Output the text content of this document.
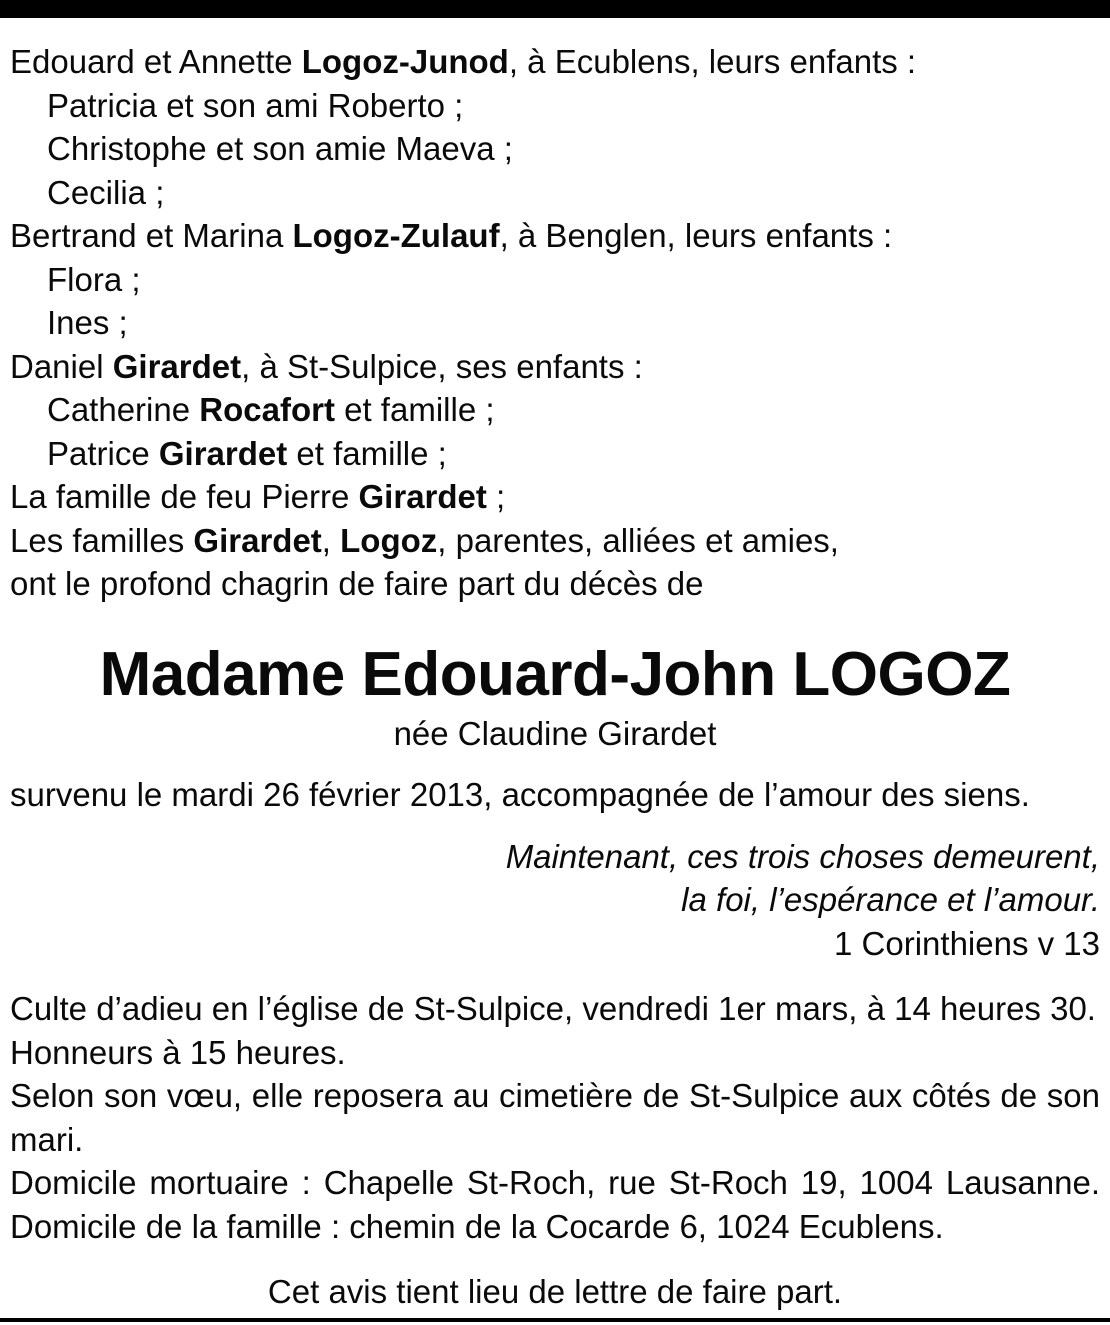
Edouard et Annette Logoz-Junod, à Ecublens, leurs enfants :
Patricia et son ami Roberto ;
Christophe et son amie Maeva ;
Cecilia ;
Bertrand et Marina Logoz-Zulauf, à Benglen, leurs enfants :
Flora ;
Ines ;
Daniel Girardet, à St-Sulpice, ses enfants :
Catherine Rocafort et famille ;
Patrice Girardet et famille ;
La famille de feu Pierre Girardet ;
Les familles Girardet, Logoz, parentes, alliées et amies,
ont le profond chagrin de faire part du décès de
Madame Edouard-John LOGOZ
née Claudine Girardet
survenu le mardi 26 février 2013, accompagnée de l’amour des siens.
Maintenant, ces trois choses demeurent,
la foi, l’espérance et l’amour.
1 Corinthiens v 13
Culte d’adieu en l’église de St-Sulpice, vendredi 1er mars, à 14 heures 30.
Honneurs à 15 heures.
Selon son vœu, elle reposera au cimetière de St-Sulpice aux côtés de son mari.
Domicile mortuaire : Chapelle St-Roch, rue St-Roch 19, 1004 Lausanne.
Domicile de la famille : chemin de la Cocarde 6, 1024 Ecublens.
Cet avis tient lieu de lettre de faire part.
